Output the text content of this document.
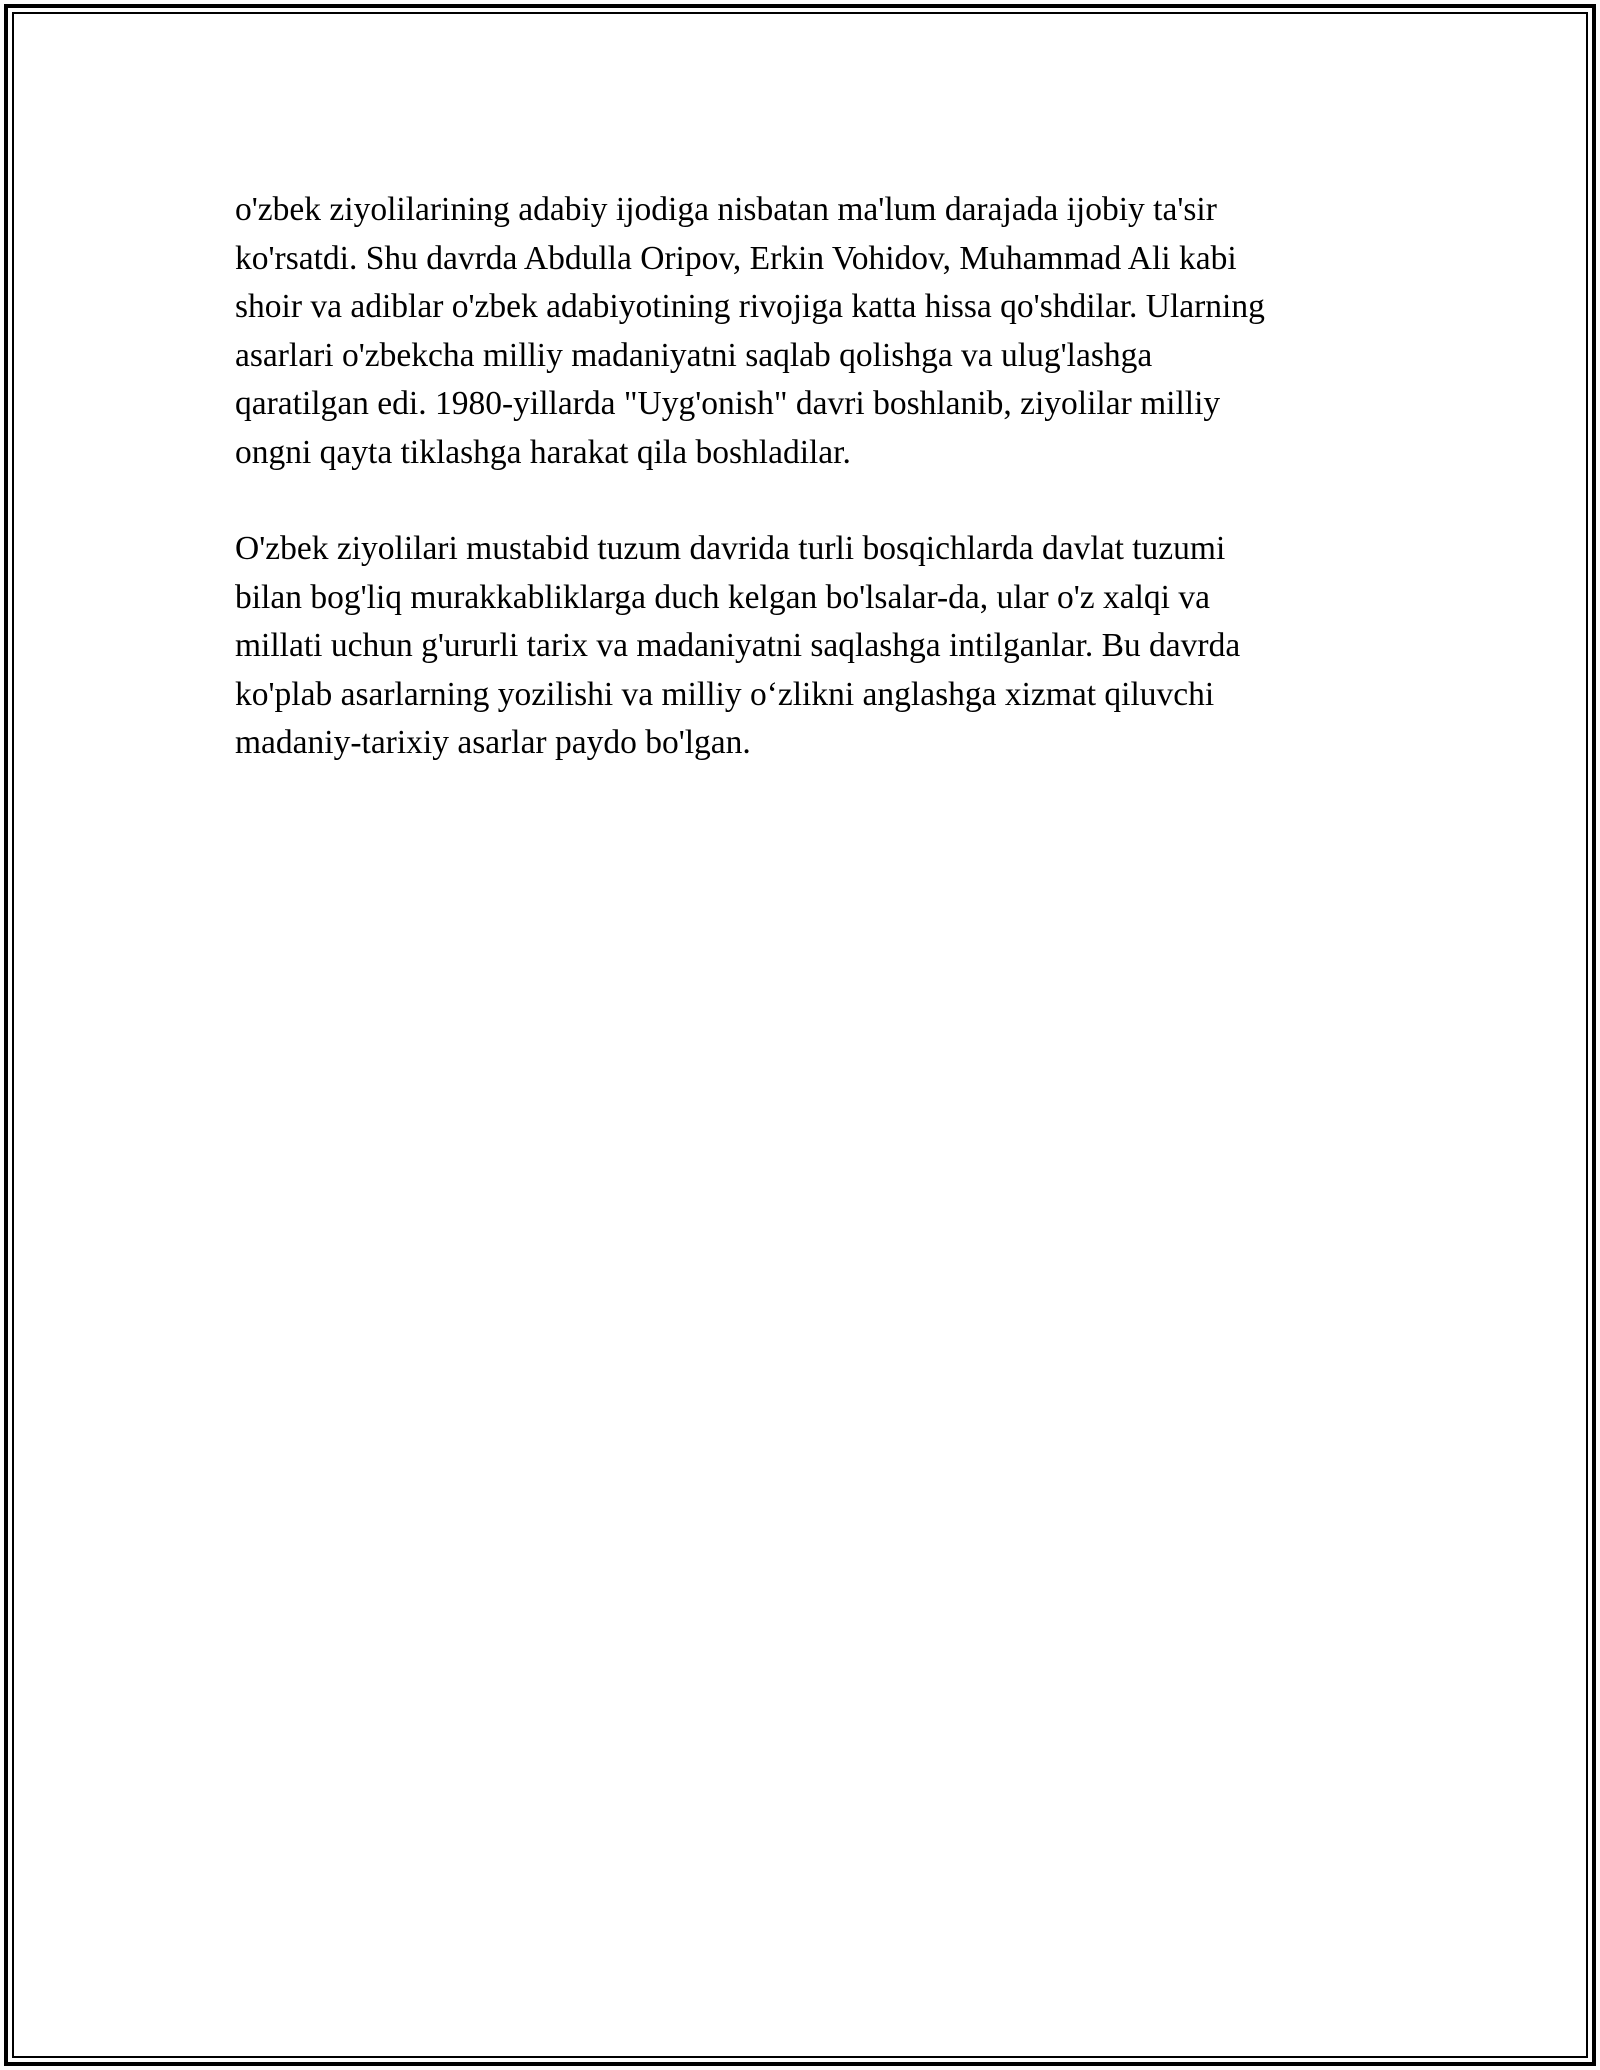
o'zbek ziyolilarining adabiy ijodiga nisbatan ma'lum darajada ijobiy ta'sir
ko'rsatdi. Shu davrda Abdulla Oripov, Erkin Vohidov, Muhammad Ali kabi
shoir va adiblar o'zbek adabiyotining rivojiga katta hissa qo'shdilar. Ularning
asarlari o'zbekcha milliy madaniyatni saqlab qolishga va ulug'lashga
qaratilgan edi. 1980-yillarda "Uyg'onish" davri boshlanib, ziyolilar milliy
ongni qayta tiklashga harakat qila boshladilar.

O'zbek ziyolilari mustabid tuzum davrida turli bosqichlarda davlat tuzumi
bilan bog'liq murakkabliklarga duch kelgan bo'lsalar-da, ular o'z xalqi va
millati uchun g'ururli tarix va madaniyatni saqlashga intilganlar. Bu davrda
ko'plab asarlarning yozilishi va milliy o‘zlikni anglashga xizmat qiluvchi
madaniy-tarixiy asarlar paydo bo'lgan.
